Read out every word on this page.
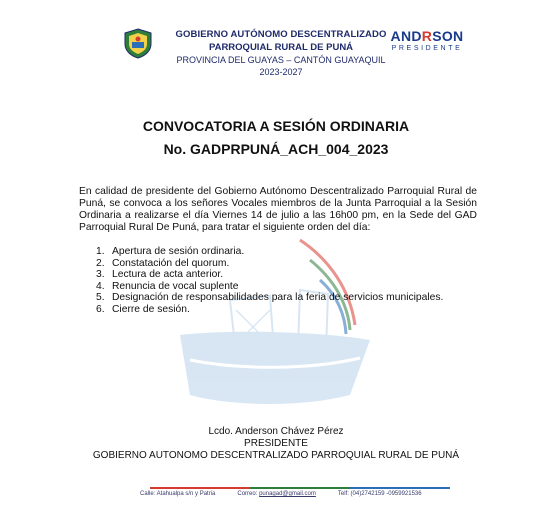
GOBIERNO AUTÓNOMO DESCENTRALIZADO
PARROQUIAL RURAL DE PUNÁ
PROVINCIA DEL GUAYAS – CANTÓN GUAYAQUIL
2023-2027
ANDRSON
PRESIDENTE
CONVOCATORIA A SESIÓN ORDINARIA
No. GADPRPUNÁ_ACH_004_2023

En calidad de presidente del Gobierno Autónomo Descentralizado Parroquial Rural de Puná, se convoca a los señores Vocales miembros de la Junta Parroquial a la Sesión Ordinaria a realizarse el día Viernes 14 de julio a las 16h00 pm, en la Sede del GAD Parroquial Rural De Puná, para tratar el siguiente orden del día:

1. Apertura de sesión ordinaria.
2. Constatación del quorum.
3. Lectura de acta anterior.
4. Renuncia de vocal suplente
5. Designación de responsabilidades para la feria de servicios municipales.
6. Cierre de sesión.
Lcdo. Anderson Chávez Pérez
PRESIDENTE
GOBIERNO AUTONOMO DESCENTRALIZADO PARROQUIAL RURAL DE PUNÁ
Calle: Atahualpa s/n y Patria	Correo: punagad@gmail.com	Telf: (04)2742159 -0959921536
